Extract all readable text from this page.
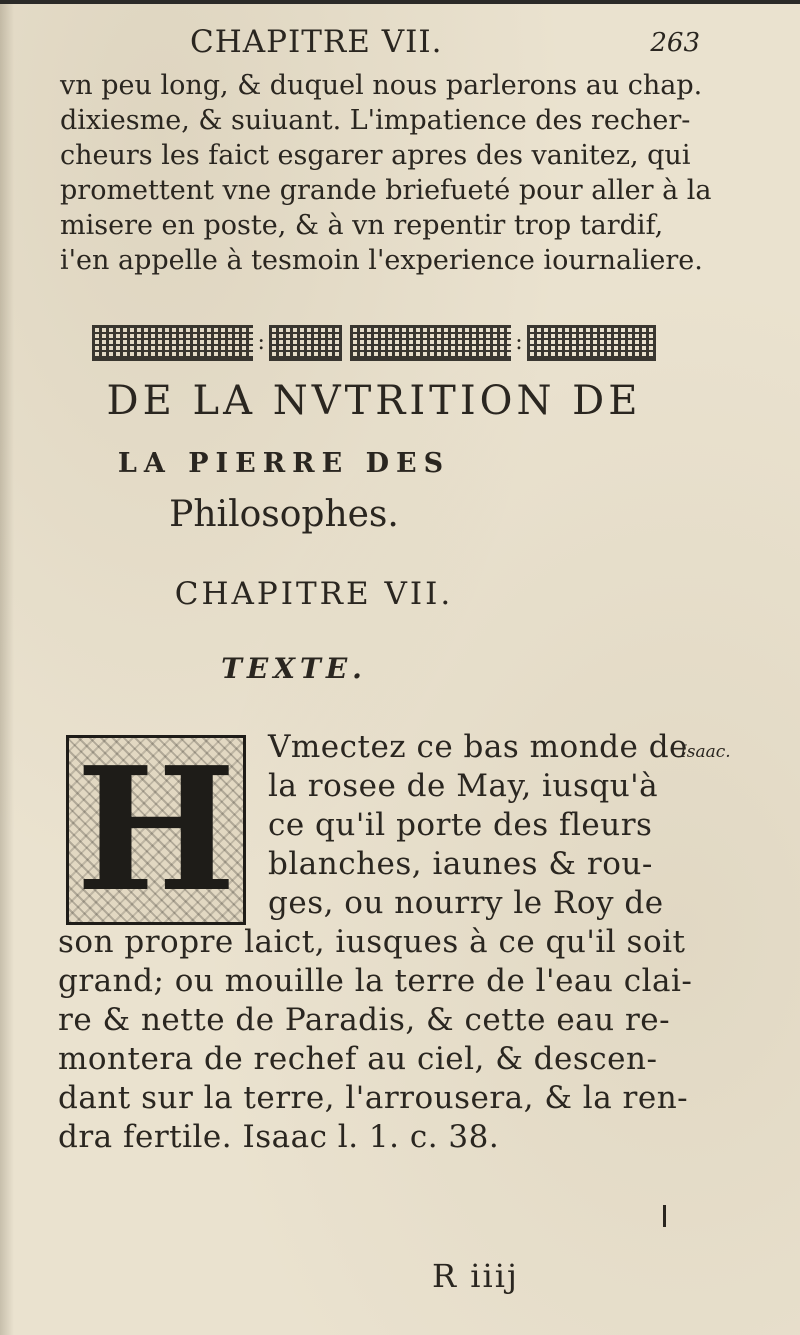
CHAPITRE VII.	263
vn peu long, & duquel nous parlerons au chap.
dixiesme, & suiuant. L'impatience des recher-
cheurs les faict esgarer apres des vanitez, qui
promettent vne grande briefueté pour aller à la
misere en poste, & à vn repentir trop tardif,
i'en appelle à tesmoin l'experience iournaliere.
:	:
DE LA NVTRITION DE
LA PIERRE DES
Philosophes.
CHAPITRE VII.
TEXTE.
H Vmectez ce bas monde de
la rosee de May, iusqu'à
ce qu'il porte des fleurs
blanches, iaunes & rou-
ges, ou nourry le Roy de
Isaac.
son propre laict, iusques à ce qu'il soit
grand; ou mouille la terre de l'eau clai-
re & nette de Paradis, & cette eau re-
montera de rechef au ciel, & descen-
dant sur la terre, l'arrousera, & la ren-
dra fertile. Isaac l. 1. c. 38.
R iiij
